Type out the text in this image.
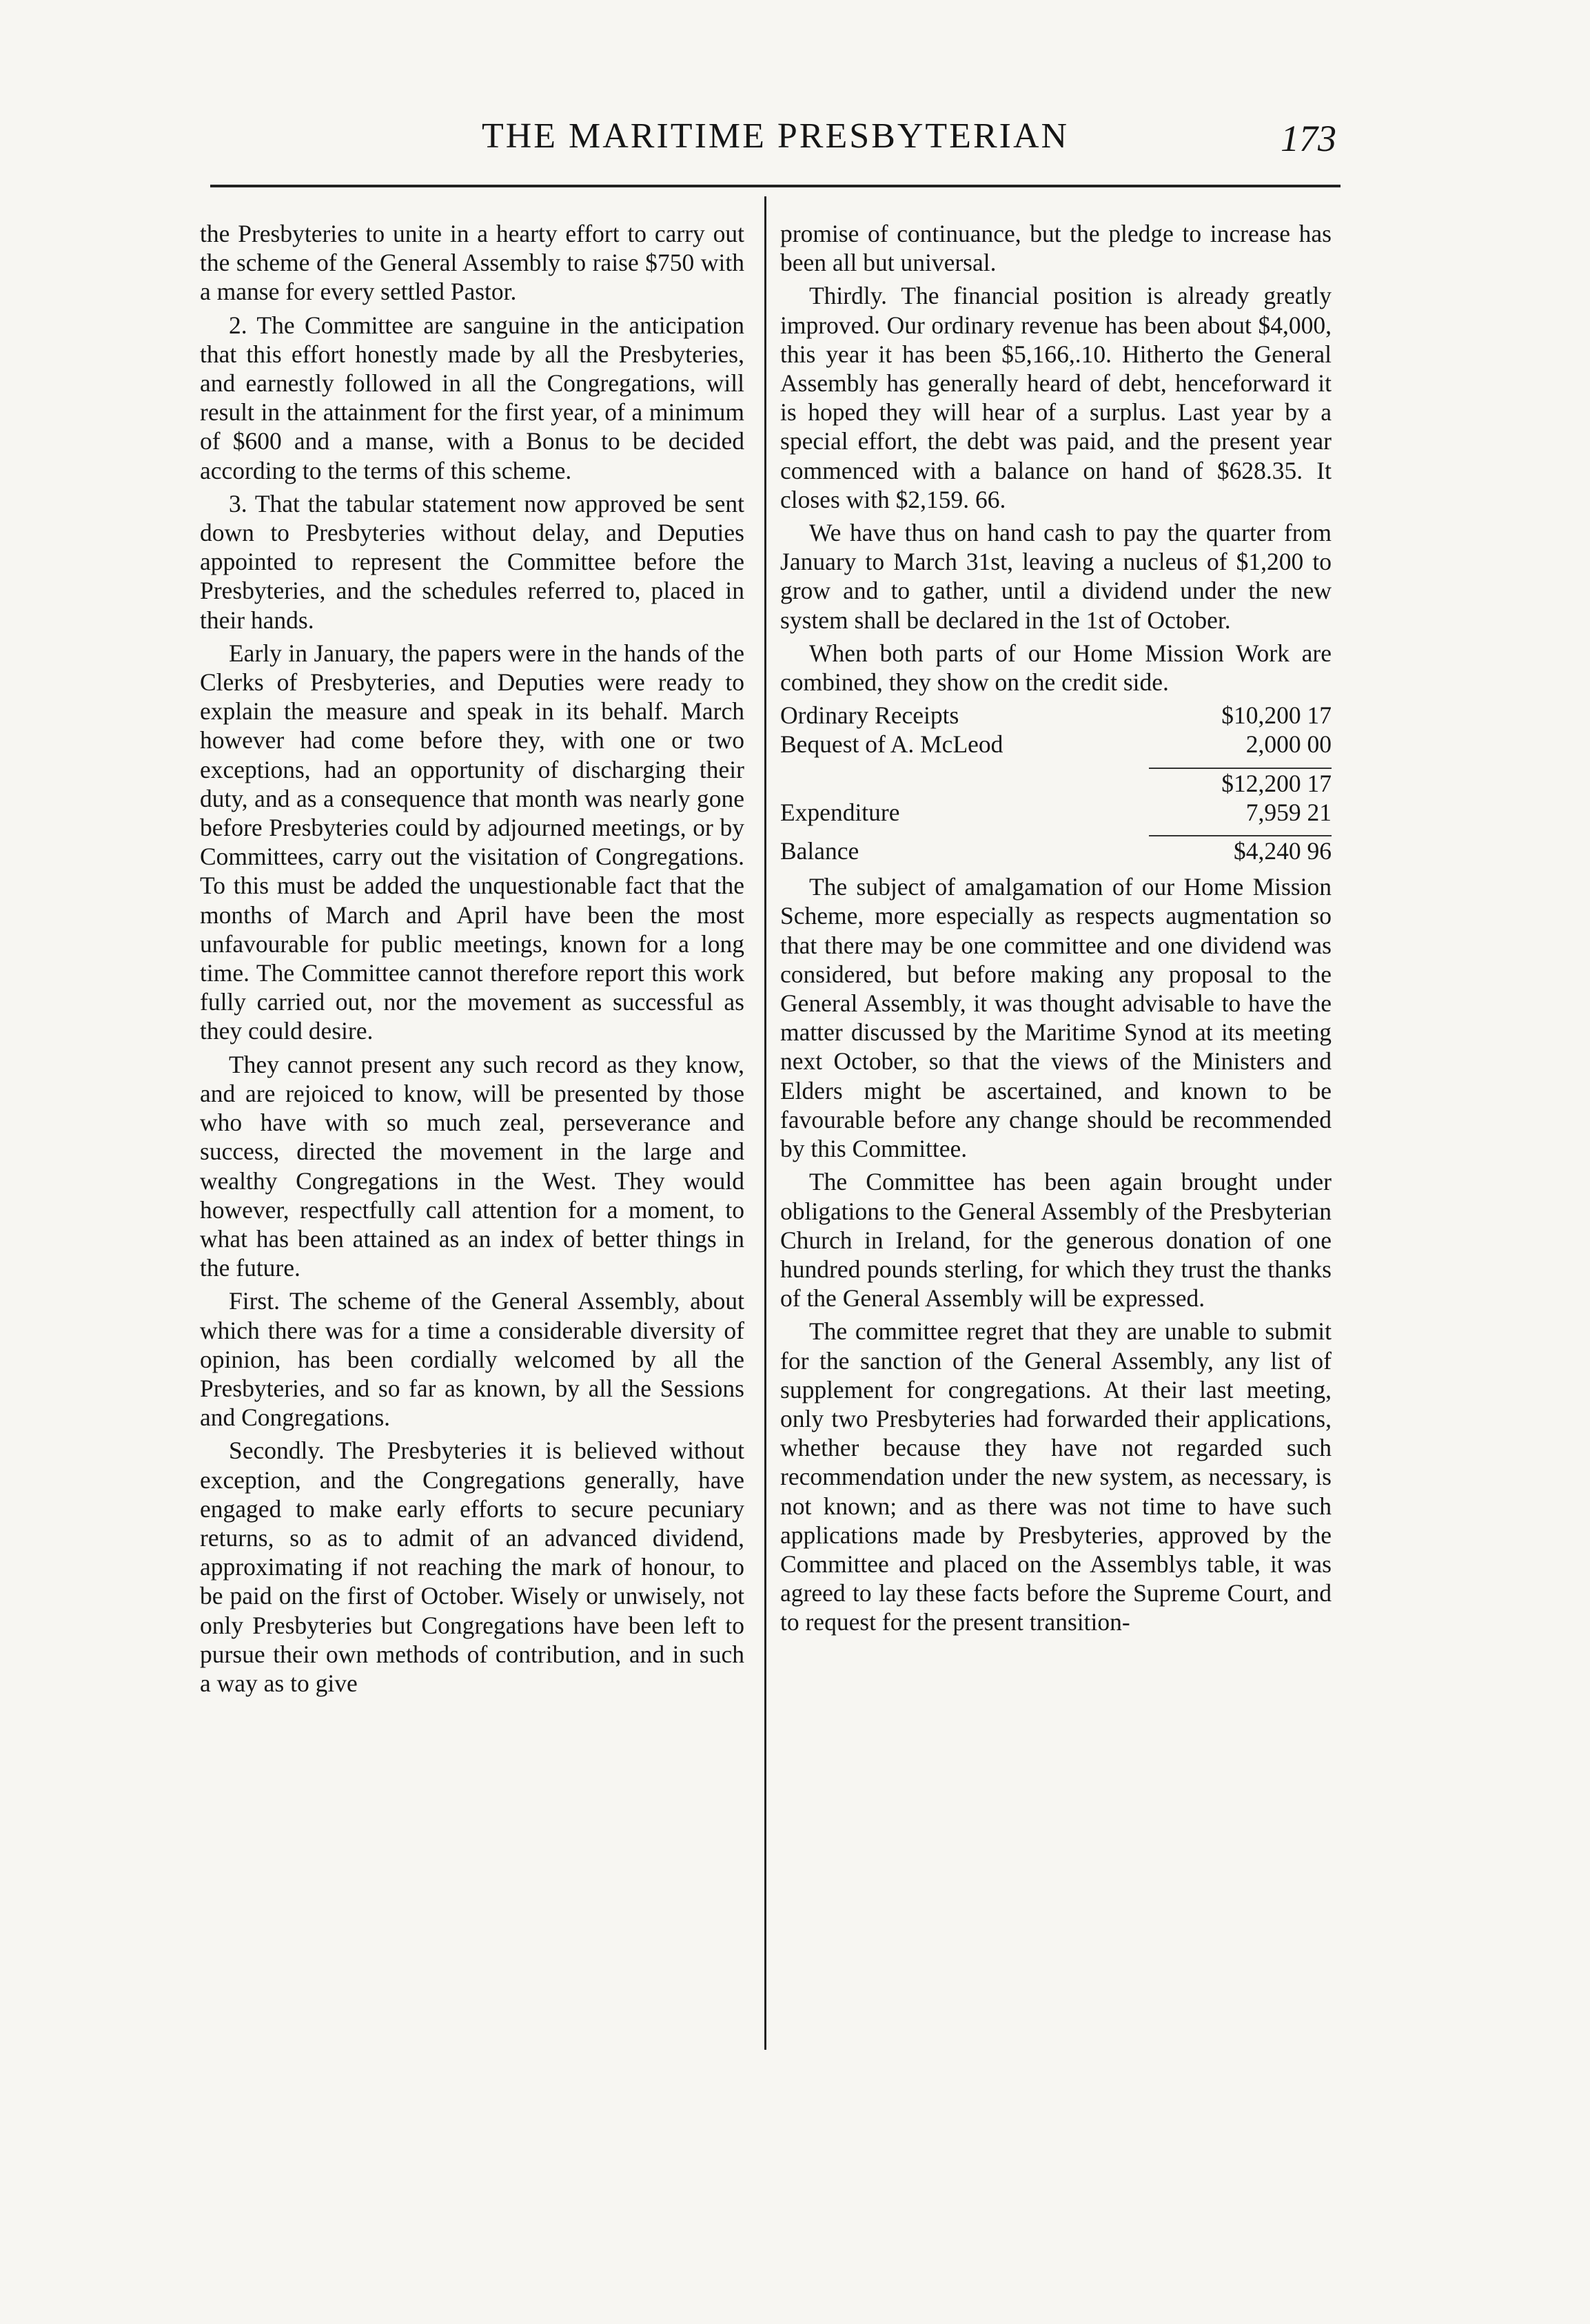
THE MARITIME PRESBYTERIAN	173

the Presbyteries to unite in a hearty effort to carry out the scheme of the General Assembly to raise $750 with a manse for every settled Pastor.

2. The Committee are sanguine in the anticipation that this effort honestly made by all the Presbyteries, and earnestly followed in all the Congregations, will result in the attainment for the first year, of a minimum of $600 and a manse, with a Bonus to be decided according to the terms of this scheme.

3. That the tabular statement now approved be sent down to Presbyteries without delay, and Deputies appointed to represent the Committee before the Presbyteries, and the schedules referred to, placed in their hands.

Early in January, the papers were in the hands of the Clerks of Presbyteries, and Deputies were ready to explain the measure and speak in its behalf. March however had come before they, with one or two exceptions, had an opportunity of discharging their duty, and as a consequence that month was nearly gone before Presbyteries could by adjourned meetings, or by Committees, carry out the visitation of Congregations. To this must be added the unquestionable fact that the months of March and April have been the most unfavourable for public meetings, known for a long time. The Committee cannot therefore report this work fully carried out, nor the movement as successful as they could desire.

They cannot present any such record as they know, and are rejoiced to know, will be presented by those who have with so much zeal, perseverance and success, directed the movement in the large and wealthy Congregations in the West. They would however, respectfully call attention for a moment, to what has been attained as an index of better things in the future.

First. The scheme of the General Assembly, about which there was for a time a considerable diversity of opinion, has been cordially welcomed by all the Presbyteries, and so far as known, by all the Sessions and Congregations.

Secondly. The Presbyteries it is believed without exception, and the Congregations generally, have engaged to make early efforts to secure pecuniary returns, so as to admit of an advanced dividend, approximating if not reaching the mark of honour, to be paid on the first of October. Wisely or unwisely, not only Presbyteries but Congregations have been left to pursue their own methods of contribution, and in such a way as to give

promise of continuance, but the pledge to increase has been all but universal.

Thirdly. The financial position is already greatly improved. Our ordinary revenue has been about $4,000, this year it has been $5,166,.10. Hitherto the General Assembly has generally heard of debt, henceforward it is hoped they will hear of a surplus. Last year by a special effort, the debt was paid, and the present year commenced with a balance on hand of $628.35. It closes with $2,159. 66.

We have thus on hand cash to pay the quarter from January to March 31st, leaving a nucleus of $1,200 to grow and to gather, until a dividend under the new system shall be declared in the 1st of October.

When both parts of our Home Mission Work are combined, they show on the credit side.

Ordinary Receipts	$10,200 17
Bequest of A. McLeod	2,000 00

	$12,200 17
Expenditure	7,959 21

Balance	$4,240 96

The subject of amalgamation of our Home Mission Scheme, more especially as respects augmentation so that there may be one committee and one dividend was considered, but before making any proposal to the General Assembly, it was thought advisable to have the matter discussed by the Maritime Synod at its meeting next October, so that the views of the Ministers and Elders might be ascertained, and known to be favourable before any change should be recommended by this Committee.

The Committee has been again brought under obligations to the General Assembly of the Presbyterian Church in Ireland, for the generous donation of one hundred pounds sterling, for which they trust the thanks of the General Assembly will be expressed.

The committee regret that they are unable to submit for the sanction of the General Assembly, any list of supplement for congregations. At their last meeting, only two Presbyteries had forwarded their applications, whether because they have not regarded such recommendation under the new system, as necessary, is not known; and as there was not time to have such applications made by Presbyteries, approved by the Committee and placed on the Assemblys table, it was agreed to lay these facts before the Supreme Court, and to request for the present transition-
